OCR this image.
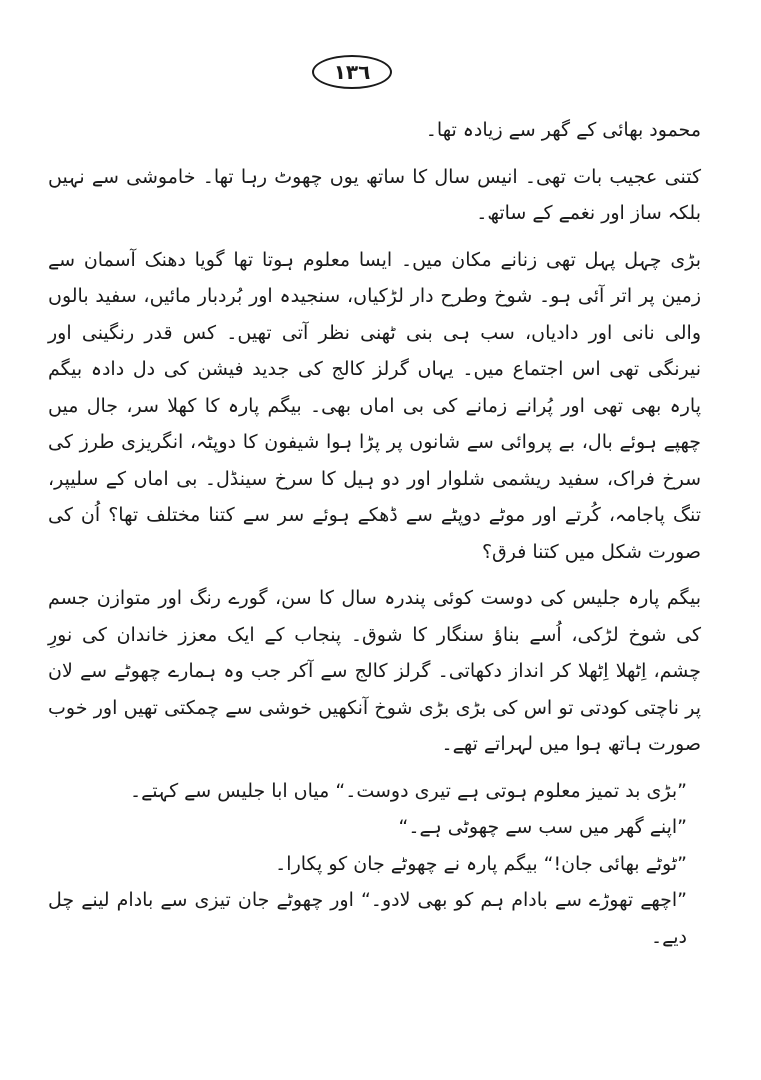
١٣٦

محمود بھائی کے گھر سے زیادہ تھا۔

کتنی عجیب بات تھی۔ انیس سال کا ساتھ یوں چھوٹ رہا تھا۔ خاموشی سے نہیں بلکہ ساز اور نغمے کے ساتھ۔

بڑی چہل پہل تھی زنانے مکان میں۔ ایسا معلوم ہوتا تھا گویا دھنک آسمان سے زمین پر اتر آئی ہو۔ شوخ وطرح دار لڑکیاں، سنجیدہ اور بُردبار مائیں، سفید بالوں والی نانی اور دادیاں، سب ہی بنی ٹھنی نظر آتی تھیں۔ کس قدر رنگینی اور نیرنگی تھی اس اجتماع میں۔ یہاں گرلز کالج کی جدید فیشن کی دل دادہ بیگم پارہ بھی تھی اور پُرانے زمانے کی بی اماں بھی۔ بیگم پارہ کا کھلا سر، جال میں چھپے ہوئے بال، بے پروائی سے شانوں پر پڑا ہوا شیفون کا دوپٹہ، انگریزی طرز کی سرخ فراک، سفید ریشمی شلوار اور دو ہیل کا سرخ سینڈل۔ بی اماں کے سلیپر، تنگ پاجامہ، کُرتے اور موٹے دوپٹے سے ڈھکے ہوئے سر سے کتنا مختلف تھا؟ اُن کی صورت شکل میں کتنا فرق؟

بیگم پارہ جلیس کی دوست کوئی پندرہ سال کا سن، گورے رنگ اور متوازن جسم کی شوخ لڑکی، اُسے بناؤ سنگار کا شوق۔ پنجاب کے ایک معزز خاندان کی نورِ چشم، اِٹھلا اِٹھلا کر انداز دکھاتی۔ گرلز کالج سے آکر جب وہ ہمارے چھوٹے سے لان پر ناچتی کودتی تو اس کی بڑی بڑی شوخ آنکھیں خوشی سے چمکتی تھیں اور خوب صورت ہاتھ ہوا میں لہراتے تھے۔

”بڑی بد تمیز معلوم ہوتی ہے تیری دوست۔“ میاں ابا جلیس سے کہتے۔

”اپنے گھر میں سب سے چھوٹی ہے۔“

”ٹوٹے بھائی جان!“ بیگم پارہ نے چھوٹے جان کو پکارا۔

”اچھے تھوڑے سے بادام ہم کو بھی لادو۔“ اور چھوٹے جان تیزی سے بادام لینے چل دیے۔
